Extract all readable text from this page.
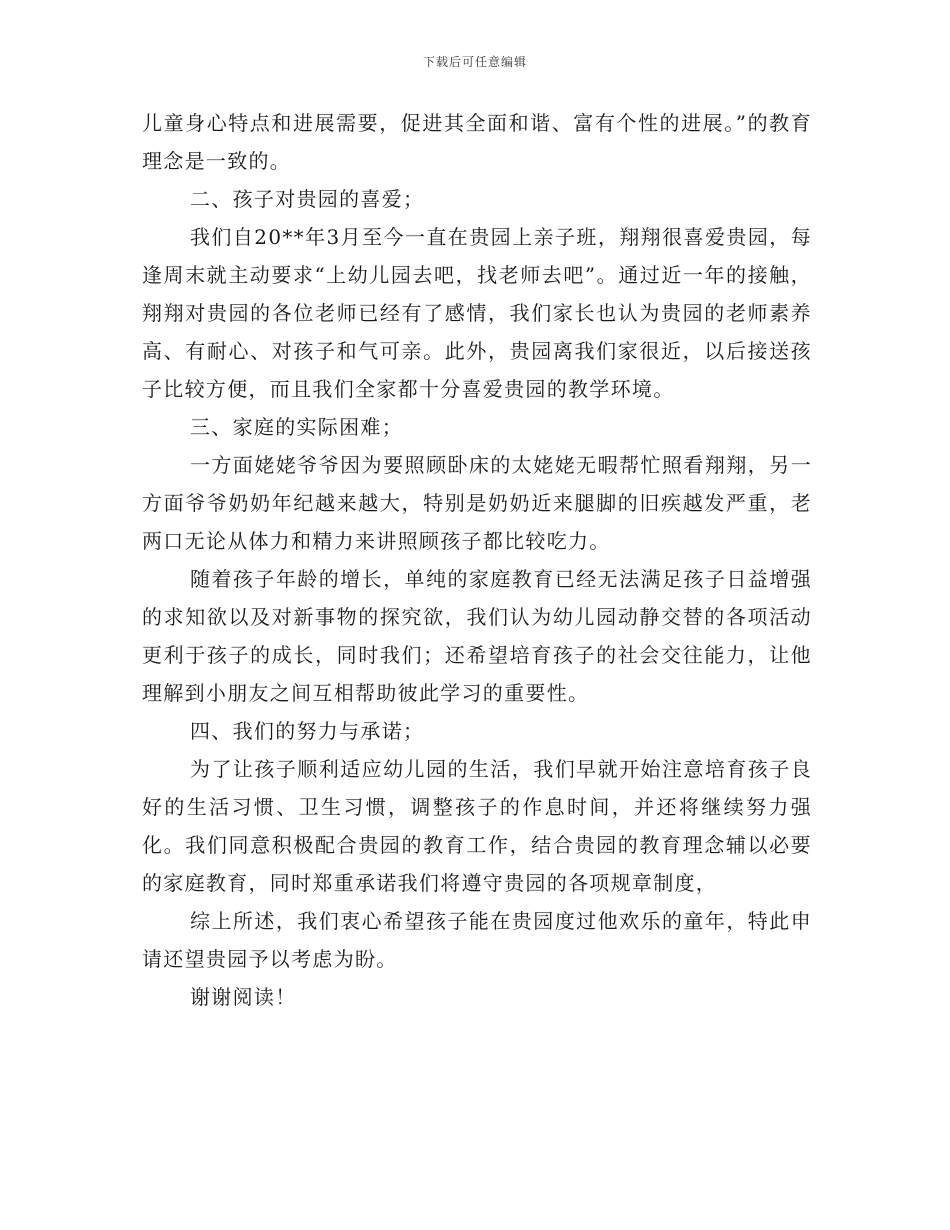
下载后可任意编辑

儿童身心特点和进展需要，促进其全面和谐、富有个性的进展。”的教育理念是一致的。

二、孩子对贵园的喜爱；

我们自20**年3月至今一直在贵园上亲子班，翔翔很喜爱贵园，每逢周末就主动要求“上幼儿园去吧，找老师去吧”。通过近一年的接触，翔翔对贵园的各位老师已经有了感情，我们家长也认为贵园的老师素养高、有耐心、对孩子和气可亲。此外，贵园离我们家很近，以后接送孩子比较方便，而且我们全家都十分喜爱贵园的教学环境。

三、家庭的实际困难；

一方面姥姥爷爷因为要照顾卧床的太姥姥无暇帮忙照看翔翔，另一方面爷爷奶奶年纪越来越大，特别是奶奶近来腿脚的旧疾越发严重，老两口无论从体力和精力来讲照顾孩子都比较吃力。

随着孩子年龄的增长，单纯的家庭教育已经无法满足孩子日益增强的求知欲以及对新事物的探究欲，我们认为幼儿园动静交替的各项活动更利于孩子的成长，同时我们；还希望培育孩子的社会交往能力，让他理解到小朋友之间互相帮助彼此学习的重要性。

四、我们的努力与承诺；

为了让孩子顺利适应幼儿园的生活，我们早就开始注意培育孩子良好的生活习惯、卫生习惯，调整孩子的作息时间，并还将继续努力强化。我们同意积极配合贵园的教育工作，结合贵园的教育理念辅以必要的家庭教育，同时郑重承诺我们将遵守贵园的各项规章制度，

综上所述，我们衷心希望孩子能在贵园度过他欢乐的童年，特此申请还望贵园予以考虑为盼。

谢谢阅读！
